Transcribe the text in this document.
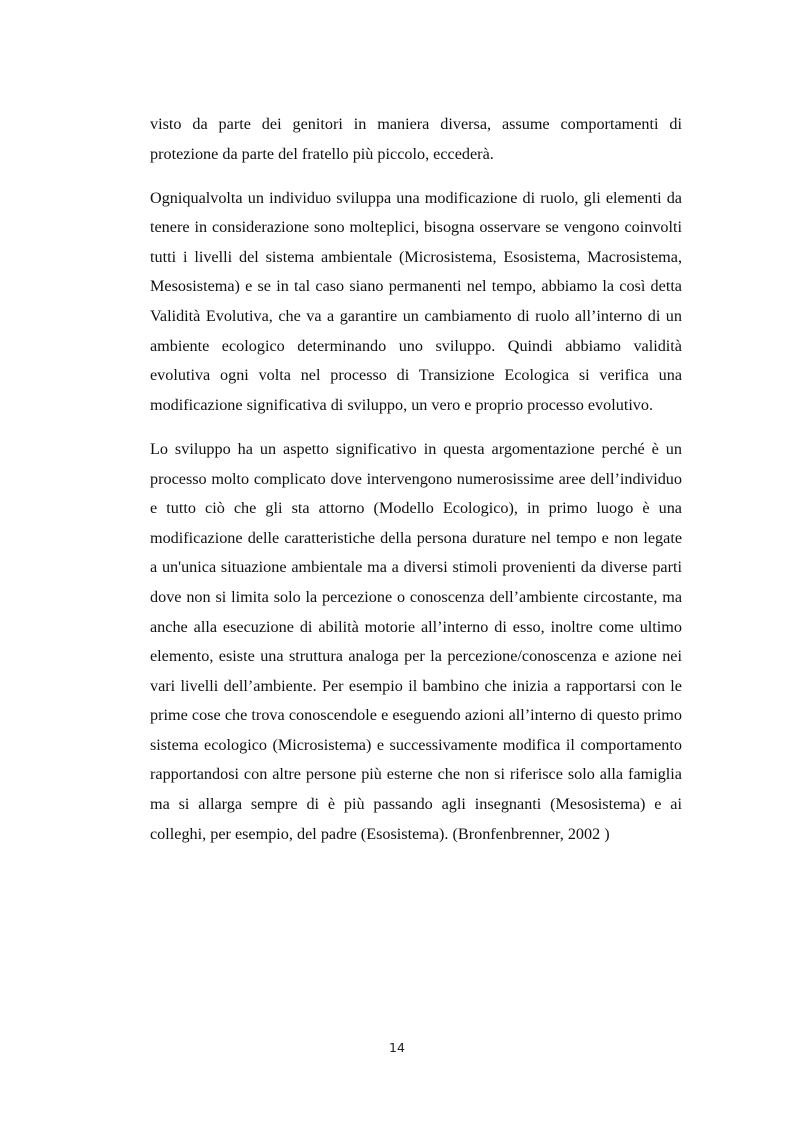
visto da parte dei genitori in maniera diversa, assume comportamenti di protezione da parte del fratello più piccolo, eccederà.

Ogniqualvolta un individuo sviluppa una modificazione di ruolo, gli elementi da tenere in considerazione sono molteplici, bisogna osservare se vengono coinvolti tutti i livelli del sistema ambientale (Microsistema, Esosistema, Macrosistema, Mesosistema) e se in tal caso siano permanenti nel tempo, abbiamo la così detta Validità Evolutiva, che va a garantire un cambiamento di ruolo all’interno di un ambiente ecologico determinando uno sviluppo. Quindi abbiamo validità evolutiva ogni volta nel processo di Transizione Ecologica si verifica una modificazione significativa di sviluppo, un vero e proprio processo evolutivo.

Lo sviluppo ha un aspetto significativo in questa argomentazione perché è un processo molto complicato dove intervengono numerosissime aree dell’individuo e tutto ciò che gli sta attorno (Modello Ecologico), in primo luogo è una modificazione delle caratteristiche della persona durature nel tempo e non legate a un'unica situazione ambientale ma a diversi stimoli provenienti da diverse parti dove non si limita solo la percezione o conoscenza dell’ambiente circostante, ma anche alla esecuzione di abilità motorie all’interno di esso, inoltre come ultimo elemento, esiste una struttura analoga per la percezione/conoscenza e azione nei vari livelli dell’ambiente. Per esempio il bambino che inizia a rapportarsi con le prime cose che trova conoscendole e eseguendo azioni all’interno di questo primo sistema ecologico (Microsistema) e successivamente modifica il comportamento rapportandosi con altre persone più esterne che non si riferisce solo alla famiglia ma si allarga sempre di è più passando agli insegnanti (Mesosistema) e ai colleghi, per esempio, del padre (Esosistema). (Bronfenbrenner, 2002 )

14
